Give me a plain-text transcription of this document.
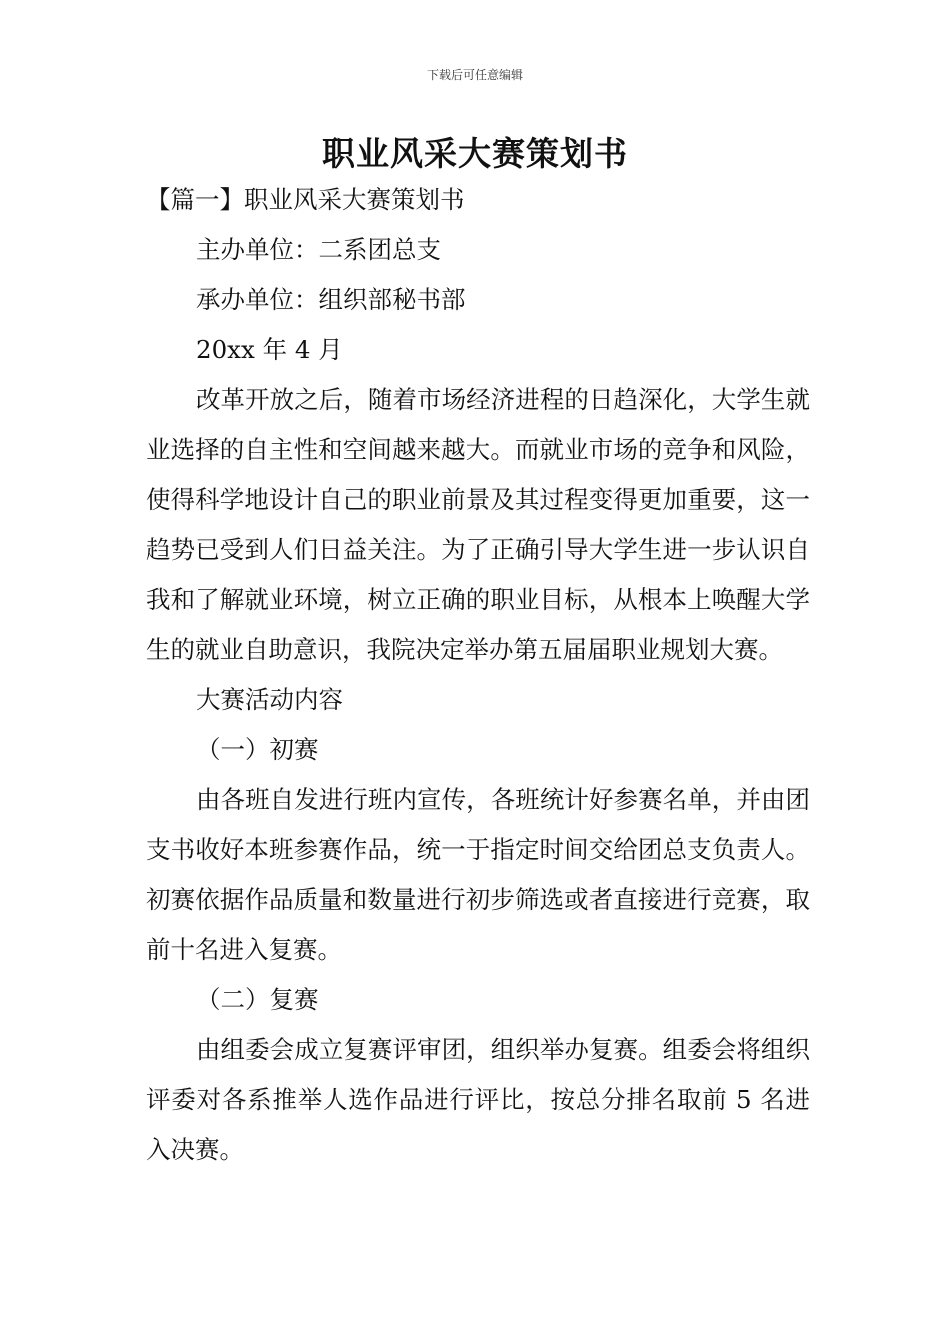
下载后可任意编辑
职业风采大赛策划书

【篇一】职业风采大赛策划书

主办单位：二系团总支

承办单位：组织部秘书部

20xx 年 4 月

改革开放之后，随着市场经济进程的日趋深化，大学生就业选择的自主性和空间越来越大。而就业市场的竞争和风险，使得科学地设计自己的职业前景及其过程变得更加重要，这一趋势已受到人们日益关注。为了正确引导大学生进一步认识自我和了解就业环境，树立正确的职业目标，从根本上唤醒大学生的就业自助意识，我院决定举办第五届届职业规划大赛。

大赛活动内容

（一）初赛

由各班自发进行班内宣传，各班统计好参赛名单，并由团支书收好本班参赛作品，统一于指定时间交给团总支负责人。初赛依据作品质量和数量进行初步筛选或者直接进行竞赛，取前十名进入复赛。

（二）复赛

由组委会成立复赛评审团，组织举办复赛。组委会将组织评委对各系推举人选作品进行评比，按总分排名取前 5 名进入决赛。
